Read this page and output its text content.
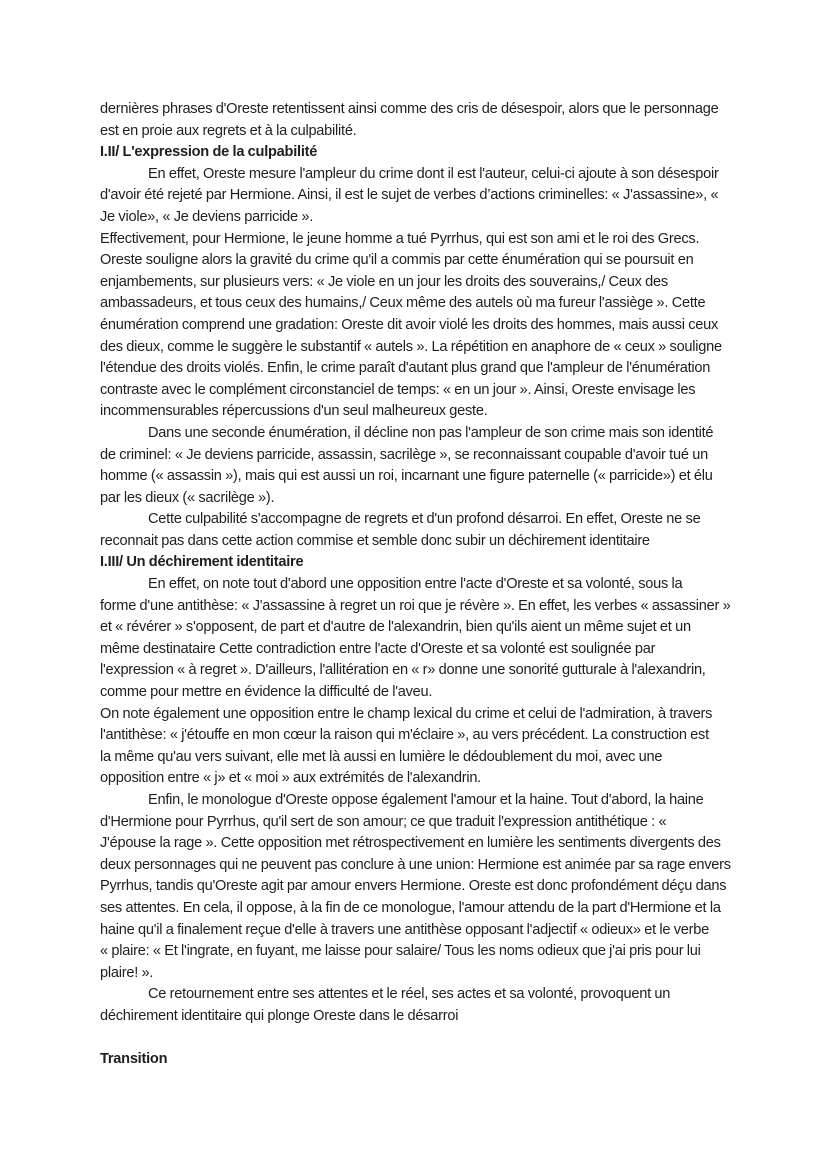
dernières phrases d'Oreste retentissent ainsi comme des cris de désespoir, alors que le personnage
est en proie aux regrets et à la culpabilité.
I.II/ L'expression de la culpabilité
En effet, Oreste mesure l'ampleur du crime dont il est l'auteur, celui-ci ajoute à son désespoir
d'avoir été rejeté par Hermione. Ainsi, il est le sujet de verbes d’actions criminelles: « J'assassine», «
Je viole», « Je deviens parricide ».
Effectivement, pour Hermione, le jeune homme a tué Pyrrhus, qui est son ami et le roi des Grecs.
Oreste souligne alors la gravité du crime qu'il a commis par cette énumération qui se poursuit en
enjambements, sur plusieurs vers: « Je viole en un jour les droits des souverains,/ Ceux des
ambassadeurs, et tous ceux des humains,/ Ceux même des autels où ma fureur l'assiège ». Cette
énumération comprend une gradation: Oreste dit avoir violé les droits des hommes, mais aussi ceux
des dieux, comme le suggère le substantif « autels ». La répétition en anaphore de « ceux » souligne
l'étendue des droits violés. Enfin, le crime paraît d'autant plus grand que l'ampleur de l'énumération
contraste avec le complément circonstanciel de temps: « en un jour ». Ainsi, Oreste envisage les
incommensurables répercussions d'un seul malheureux geste.
Dans une seconde énumération, il décline non pas l'ampleur de son crime mais son identité
de criminel: « Je deviens parricide, assassin, sacrilège », se reconnaissant coupable d'avoir tué un
homme (« assassin »), mais qui est aussi un roi, incarnant une figure paternelle (« parricide») et élu
par les dieux (« sacrilège »).
Cette culpabilité s'accompagne de regrets et d'un profond désarroi. En effet, Oreste ne se
reconnait pas dans cette action commise et semble donc subir un déchirement identitaire
I.III/ Un déchirement identitaire
En effet, on note tout d'abord une opposition entre l'acte d'Oreste et sa volonté, sous la
forme d'une antithèse: « J'assassine à regret un roi que je révère ». En effet, les verbes « assassiner »
et « révérer » s'opposent, de part et d'autre de l'alexandrin, bien qu'ils aient un même sujet et un
même destinataire Cette contradiction entre l'acte d'Oreste et sa volonté est soulignée par
l'expression « à regret ». D'ailleurs, l'allitération en « r» donne une sonorité gutturale à l'alexandrin,
comme pour mettre en évidence la difficulté de l'aveu.
On note également une opposition entre le champ lexical du crime et celui de l'admiration, à travers
l'antithèse: « j'étouffe en mon cœur la raison qui m'éclaire », au vers précédent. La construction est
la même qu'au vers suivant, elle met là aussi en lumière le dédoublement du moi, avec une
opposition entre « j» et « moi » aux extrémités de l'alexandrin.
Enfin, le monologue d'Oreste oppose également l'amour et la haine. Tout d'abord, la haine
d'Hermione pour Pyrrhus, qu'il sert de son amour; ce que traduit l'expression antithétique : «
J'épouse la rage ». Cette opposition met rétrospectivement en lumière les sentiments divergents des
deux personnages qui ne peuvent pas conclure à une union: Hermione est animée par sa rage envers
Pyrrhus, tandis qu'Oreste agit par amour envers Hermione. Oreste est donc profondément déçu dans
ses attentes. En cela, il oppose, à la fin de ce monologue, l'amour attendu de la part d'Hermione et la
haine qu'il a finalement reçue d'elle à travers une antithèse opposant l'adjectif « odieux» et le verbe
« plaire: « Et l'ingrate, en fuyant, me laisse pour salaire/ Tous les noms odieux que j'ai pris pour lui
plaire! ».
Ce retournement entre ses attentes et le réel, ses actes et sa volonté, provoquent un
déchirement identitaire qui plonge Oreste dans le désarroi
Transition
